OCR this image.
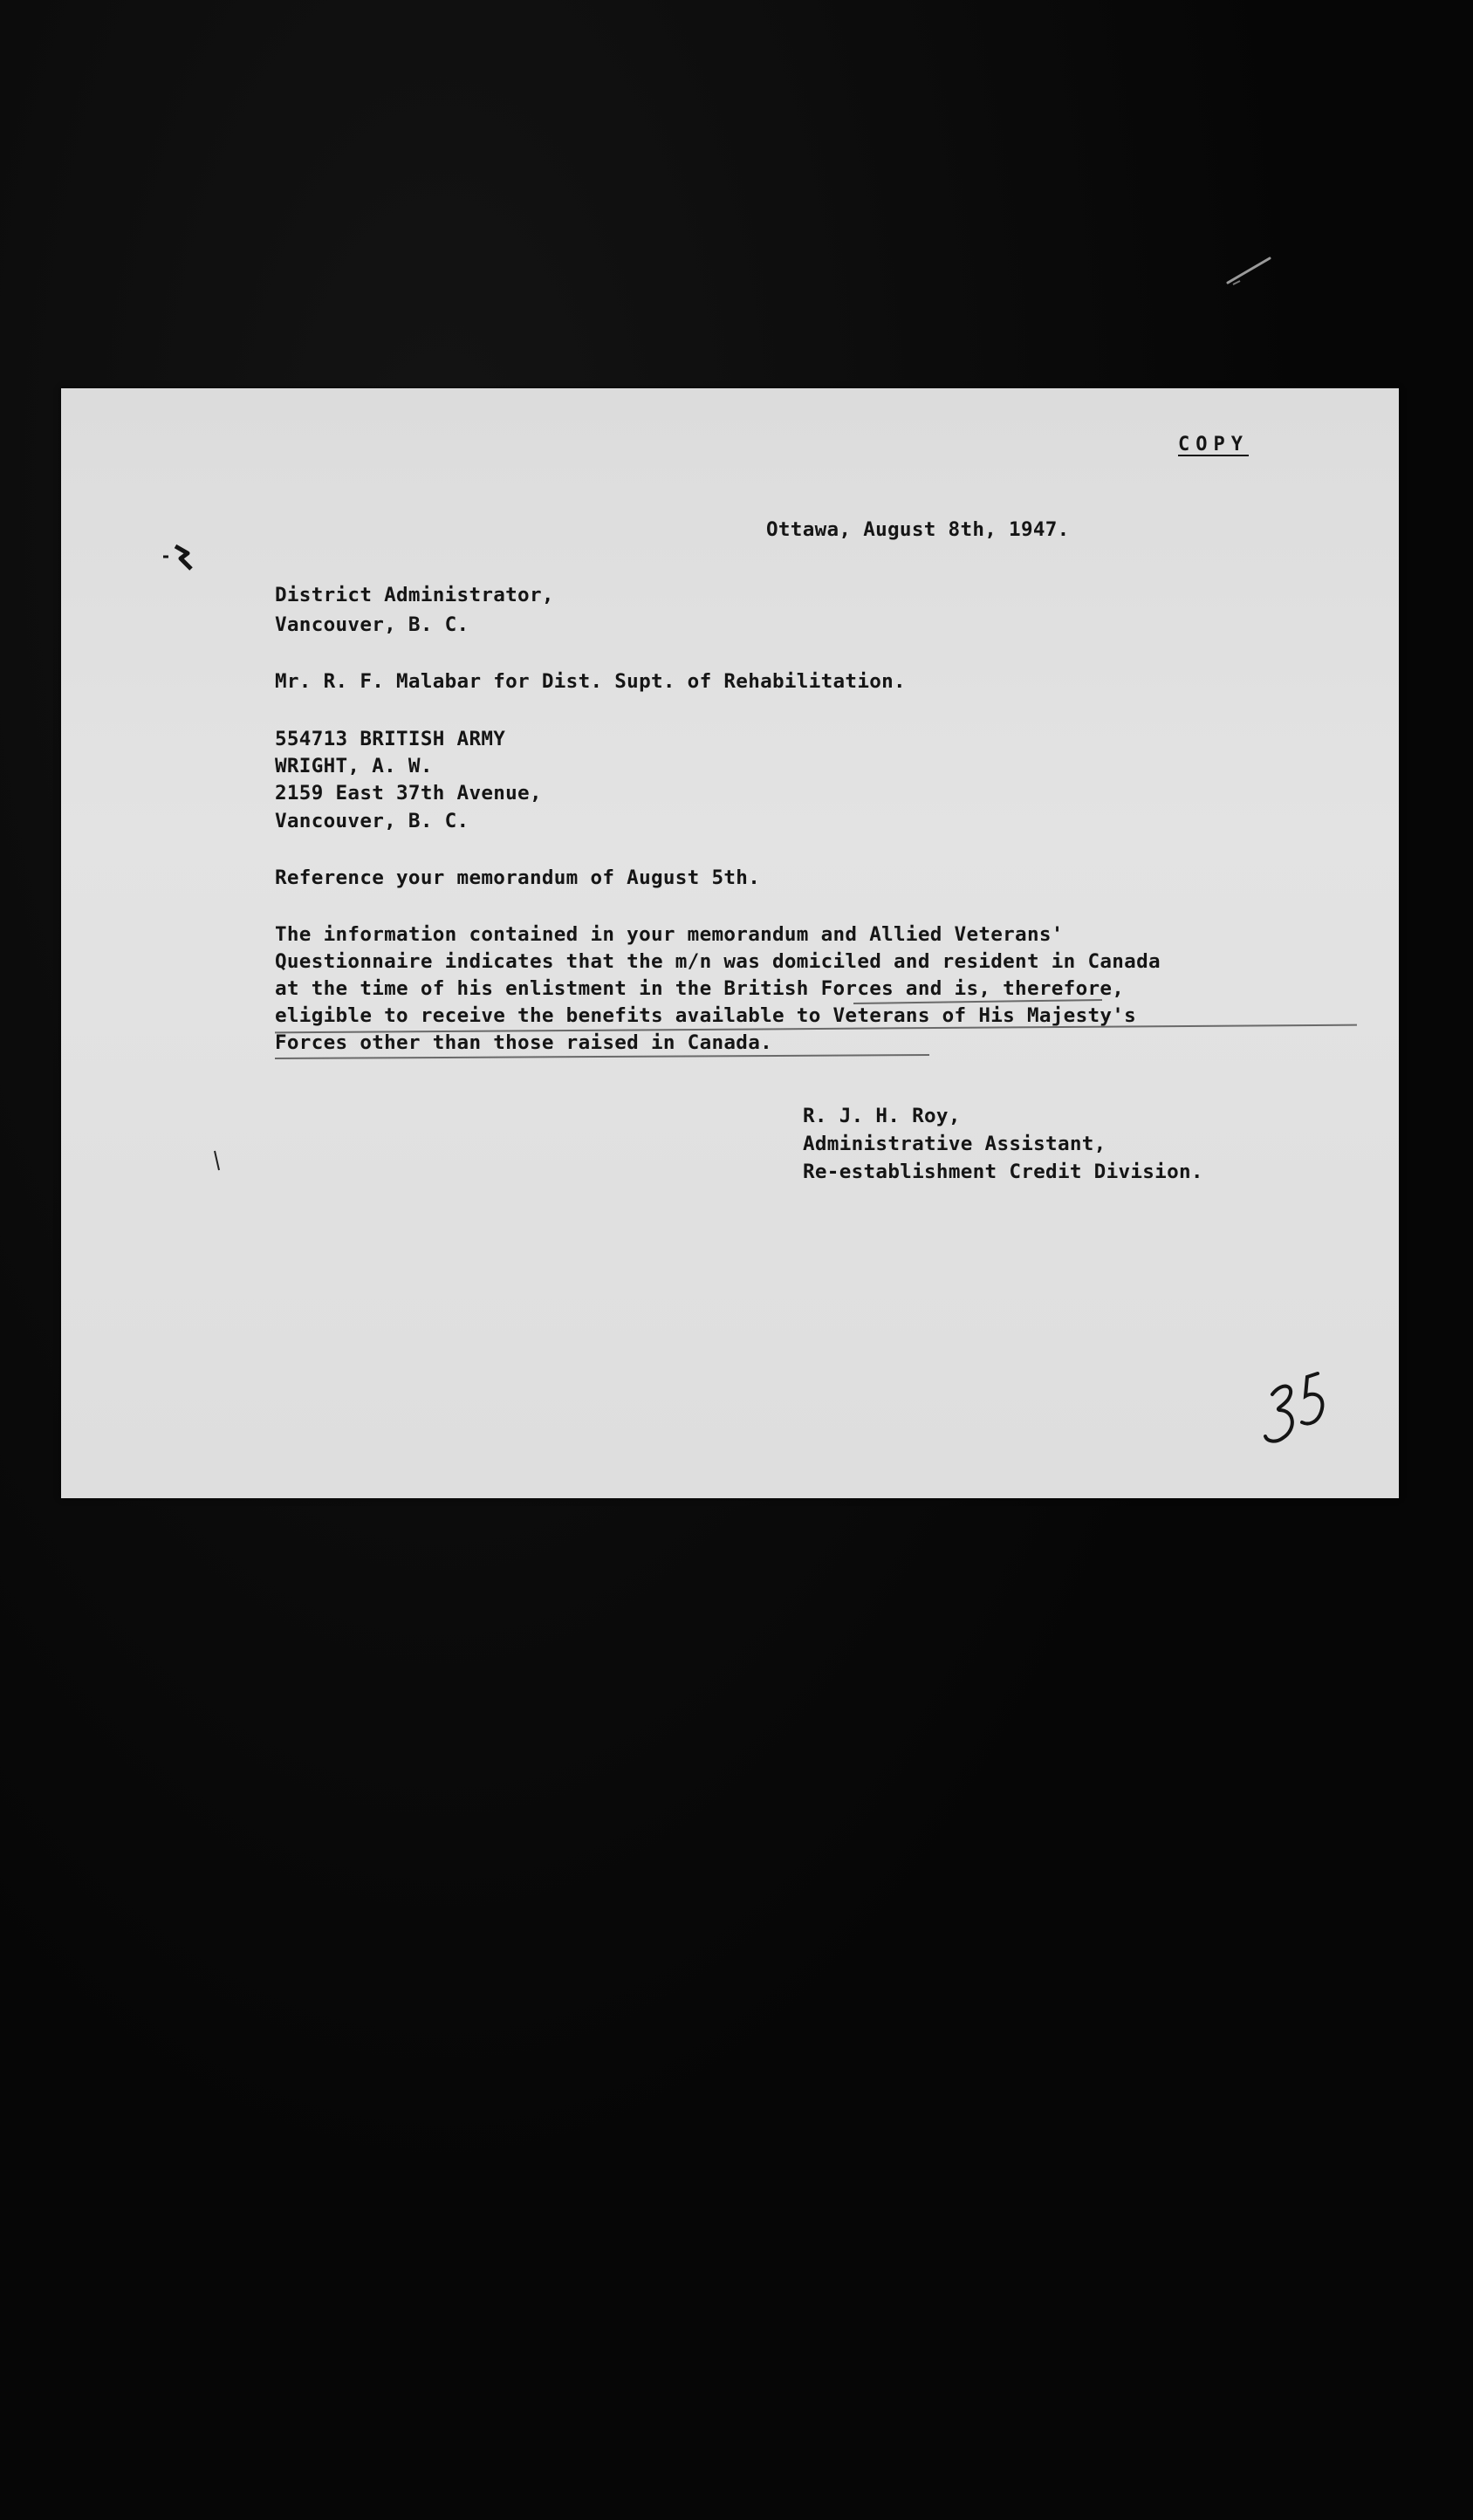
COPY

Ottawa, August 8th, 1947.

District Administrator,

Vancouver, B. C.

Mr. R. F. Malabar for Dist. Supt. of Rehabilitation.

554713 BRITISH ARMY

WRIGHT, A. W.

2159 East 37th Avenue,

Vancouver, B. C.

Reference your memorandum of August 5th.

The information contained in your memorandum and Allied Veterans'

Questionnaire indicates that the m/n was domiciled and resident in Canada

at the time of his enlistment in the British Forces and is, therefore,

eligible to receive the benefits available to Veterans of His Majesty's

Forces other than those raised in Canada.

R. J. H. Roy,

Administrative Assistant,

Re-establishment Credit Division.
